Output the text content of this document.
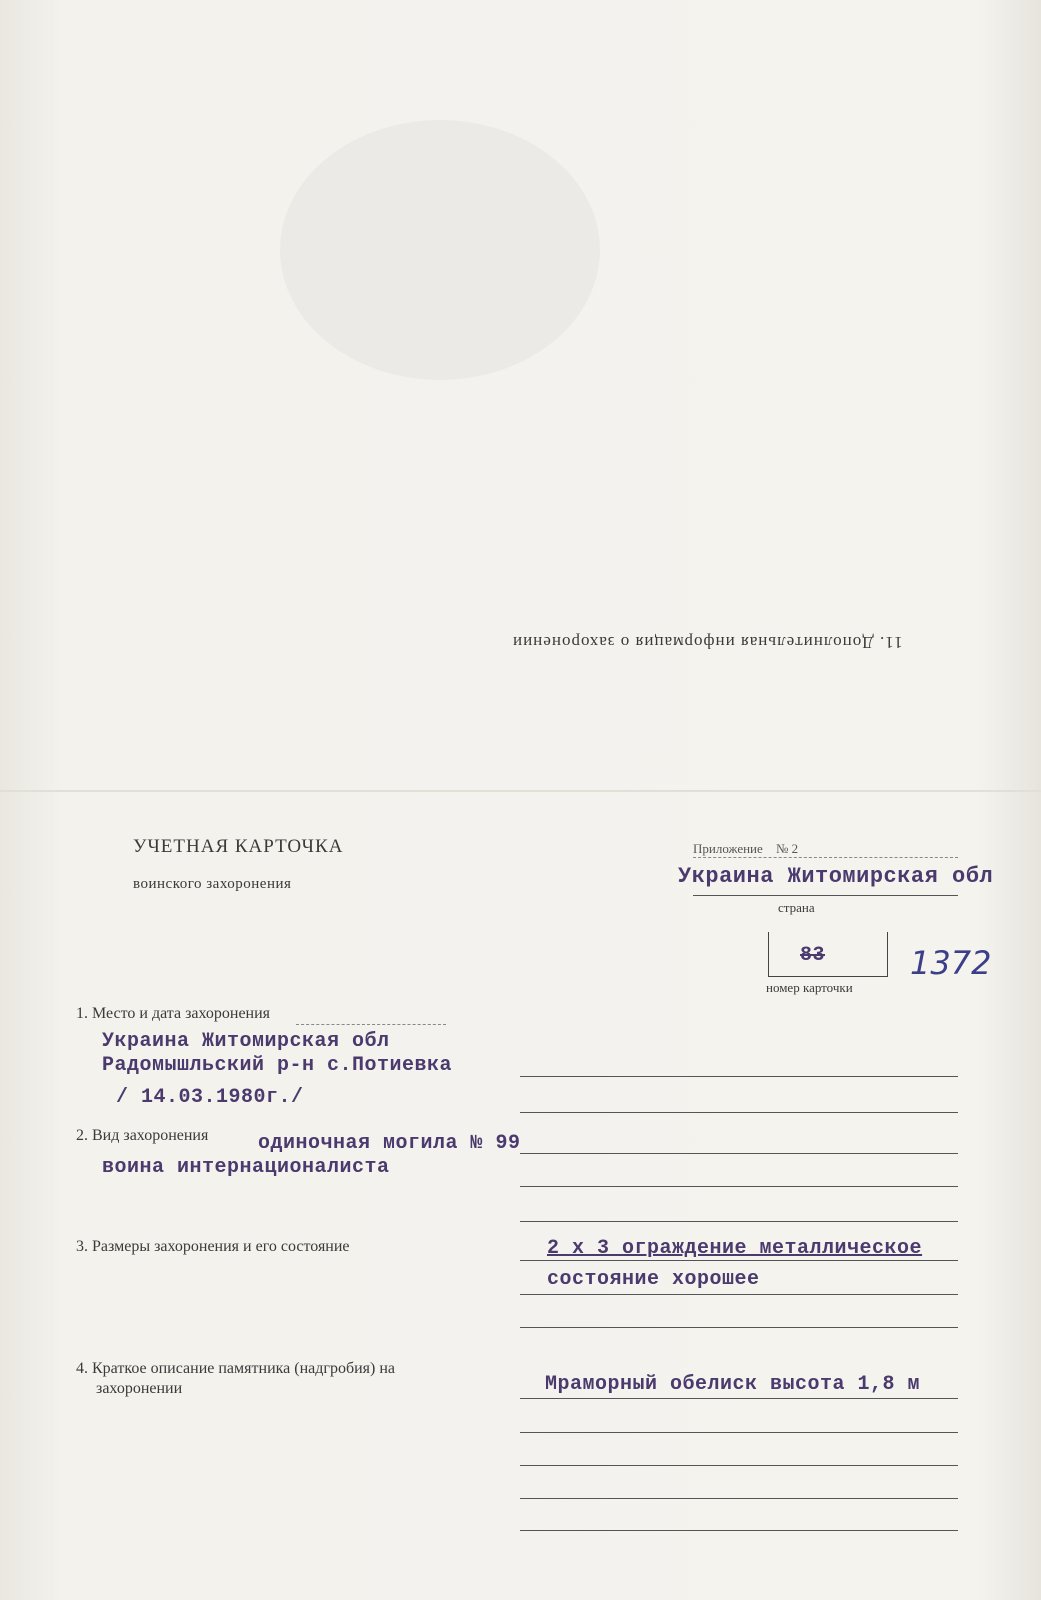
11. Дополнительная информация о захоронении
УЧЕТНАЯ КАРТОЧКА
воинского захоронения
Приложение № 2
Украина Житомирская обл
страна
83
номер карточки
1372
1. Место и дата захоронения
Украина Житомирская обл
Радомышльский р-н с.Потиевка
/ 14.03.1980г./
2. Вид захоронения одиночная могила № 99
воина интернационалиста
3. Размеры захоронения и его состояние	2 х 3 ограждение металлическое
состояние хорошее
4. Краткое описание памятника (надгробия) на
захоронении	Мраморный обелиск высота 1,8 м
